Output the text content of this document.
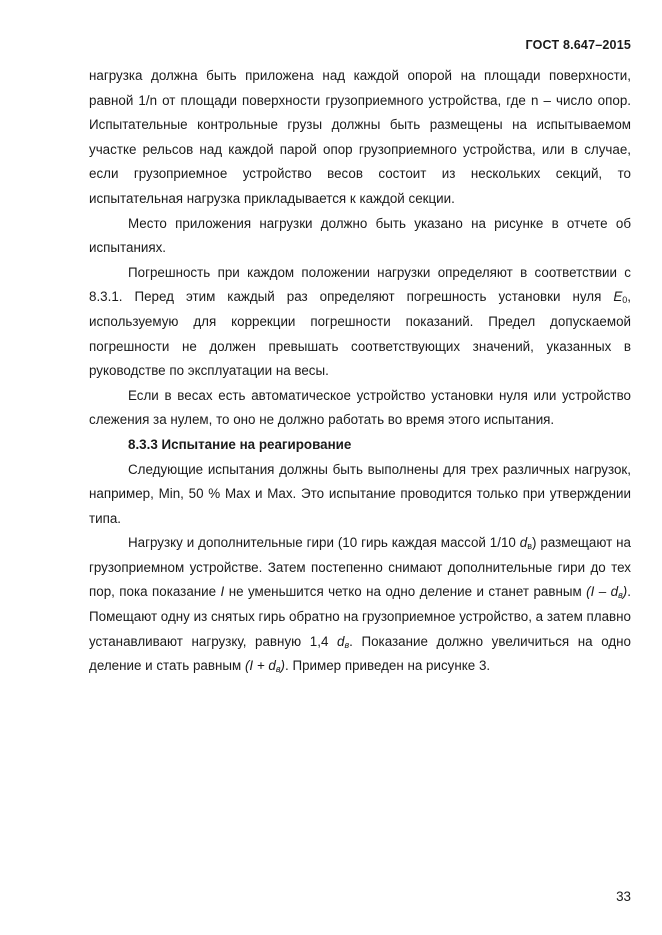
ГОСТ 8.647–2015

нагрузка должна быть приложена над каждой опорой на площади поверхности, равной 1/n от площади поверхности грузоприемного устройства, где n – число опор. Испытательные контрольные грузы должны быть размещены на испытываемом участке рельсов над каждой парой опор грузоприемного устройства, или в случае, если грузоприемное устройство весов состоит из нескольких секций, то испытательная нагрузка прикладывается к каждой секции.

Место приложения нагрузки должно быть указано на рисунке в отчете об испытаниях.

Погрешность при каждом положении нагрузки определяют в соответствии с 8.3.1. Перед этим каждый раз определяют погрешность установки нуля $E_0$, используемую для коррекции погрешности показаний. Предел допускаемой погрешности не должен превышать соответствующих значений, указанных в руководстве по эксплуатации на весы.

Если в весах есть автоматическое устройство установки нуля или устройство слежения за нулем, то оно не должно работать во время этого испытания.

8.3.3 Испытание на реагирование

Следующие испытания должны быть выполнены для трех различных нагрузок, например, Min, 50 % Max и Max. Это испытание проводится только при утверждении типа.

Нагрузку и дополнительные гири (10 гирь каждая массой 1/10 $d_в$) размещают на грузоприемном устройстве. Затем постепенно снимают дополнительные гири до тех пор, пока показание I не уменьшится четко на одно деление и станет равным $(I - d_в)$. Помещают одну из снятых гирь обратно на грузоприемное устройство, а затем плавно устанавливают нагрузку, равную 1,4 $d_в$. Показание должно увеличиться на одно деление и стать равным $(I + d_в)$. Пример приведен на рисунке 3.

33
